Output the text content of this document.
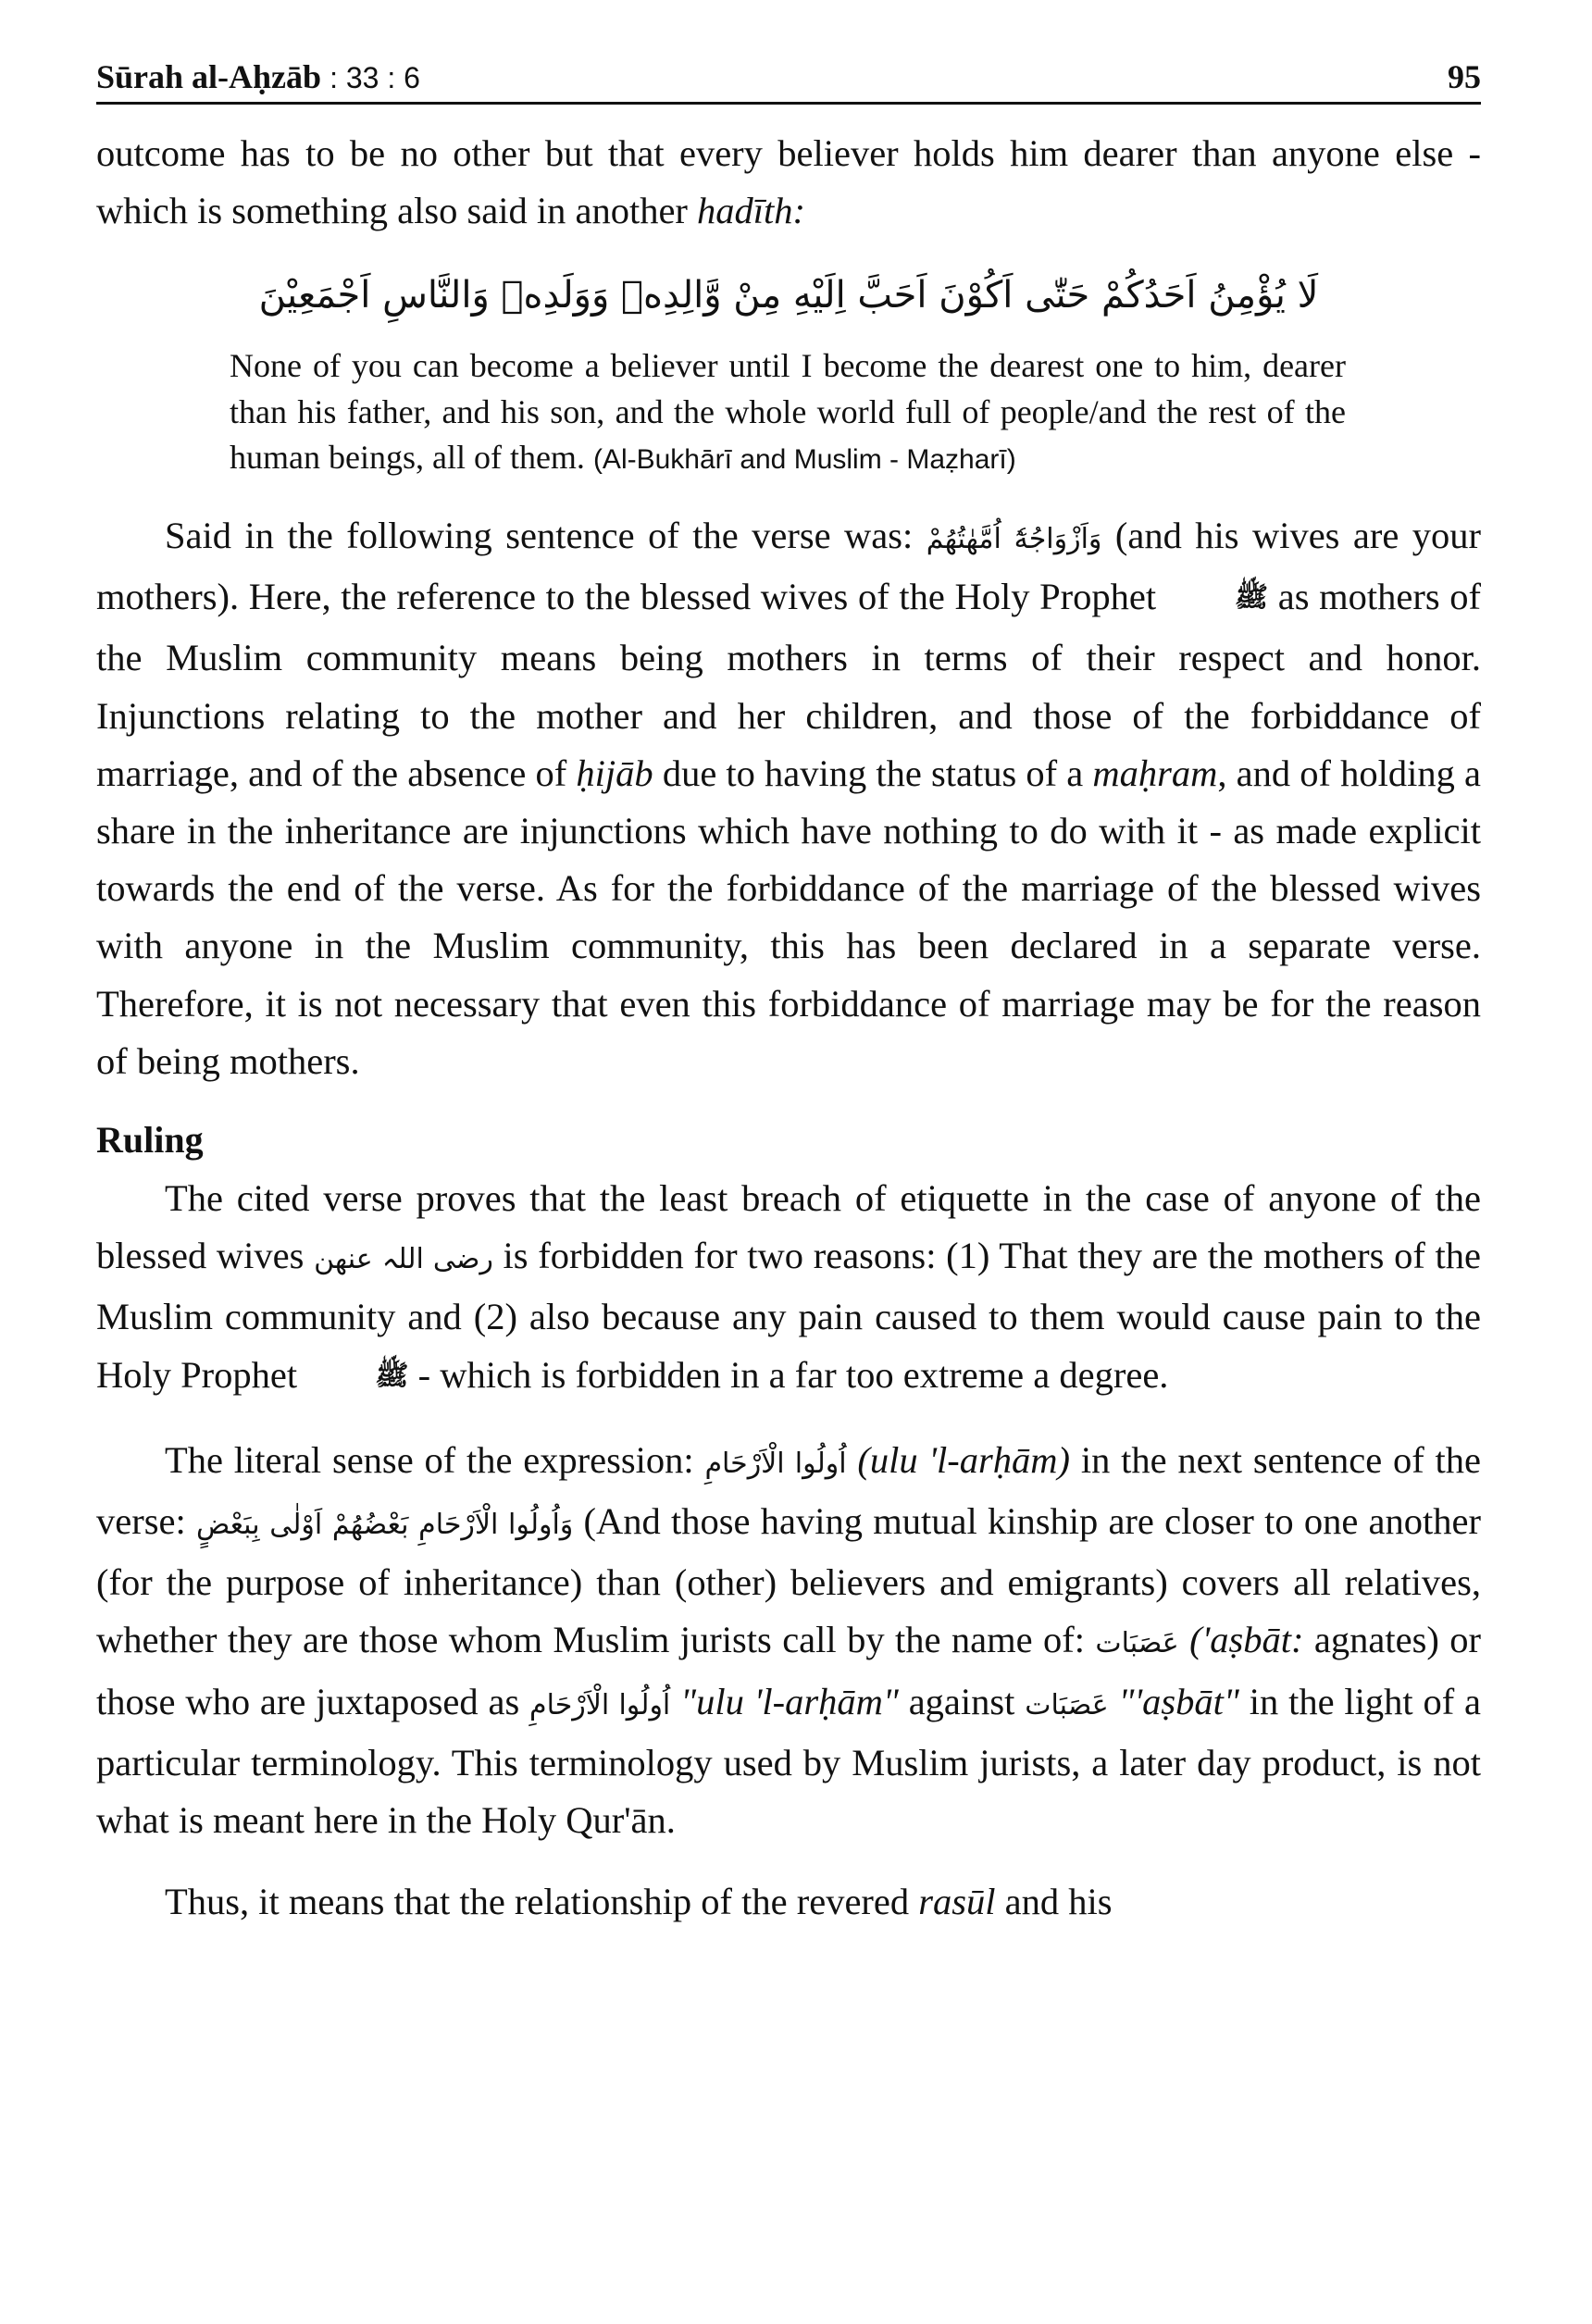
Sūrah al-Aḥzāb : 33 : 6	95

outcome has to be no other but that every believer holds him dearer than anyone else - which is something also said in another hadīth:

لَا يُؤْمِنُ اَحَدُكُمْ حَتّٰى اَكُوْنَ اَحَبَّ اِلَيْهِ مِنْ وَّالِدِهٖ وَوَلَدِهٖ وَالنَّاسِ اَجْمَعِيْنَ
None of you can become a believer until I become the dearest one to him, dearer than his father, and his son, and the whole world full of people/and the rest of the human beings, all of them. (Al-Bukhārī and Muslim - Maẓharī)

Said in the following sentence of the verse was: وَاَزْوَاجُهٗٓ اُمَّهٰتُهُمْ (and his wives are your mothers). Here, the reference to the blessed wives of the Holy Prophet ﷺ as mothers of the Muslim community means being mothers in terms of their respect and honor. Injunctions relating to the mother and her children, and those of the forbiddance of marriage, and of the absence of ḥijāb due to having the status of a maḥram, and of holding a share in the inheritance are injunctions which have nothing to do with it - as made explicit towards the end of the verse. As for the forbiddance of the marriage of the blessed wives with anyone in the Muslim community, this has been declared in a separate verse. Therefore, it is not necessary that even this forbiddance of marriage may be for the reason of being mothers.

Ruling

The cited verse proves that the least breach of etiquette in the case of anyone of the blessed wives رضی اللہ عنھن is forbidden for two reasons: (1) That they are the mothers of the Muslim community and (2) also because any pain caused to them would cause pain to the Holy Prophet ﷺ - which is forbidden in a far too extreme a degree.

The literal sense of the expression: اُولُوا الْاَرْحَامِ (ulu 'l-arḥām) in the next sentence of the verse: وَاُولُوا الْاَرْحَامِ بَعْضُهُمْ اَوْلٰى بِبَعْضٍ (And those having mutual kinship are closer to one another (for the purpose of inheritance) than (other) believers and emigrants) covers all relatives, whether they are those whom Muslim jurists call by the name of: عَصَبَات ('aṣbāt: agnates) or those who are juxtaposed as اُولُوا الْاَرْحَامِ "ulu 'l-arḥām" against عَصَبَات "'aṣbāt" in the light of a particular terminology. This terminology used by Muslim jurists, a later day product, is not what is meant here in the Holy Qur'ān.

Thus, it means that the relationship of the revered rasūl and his
